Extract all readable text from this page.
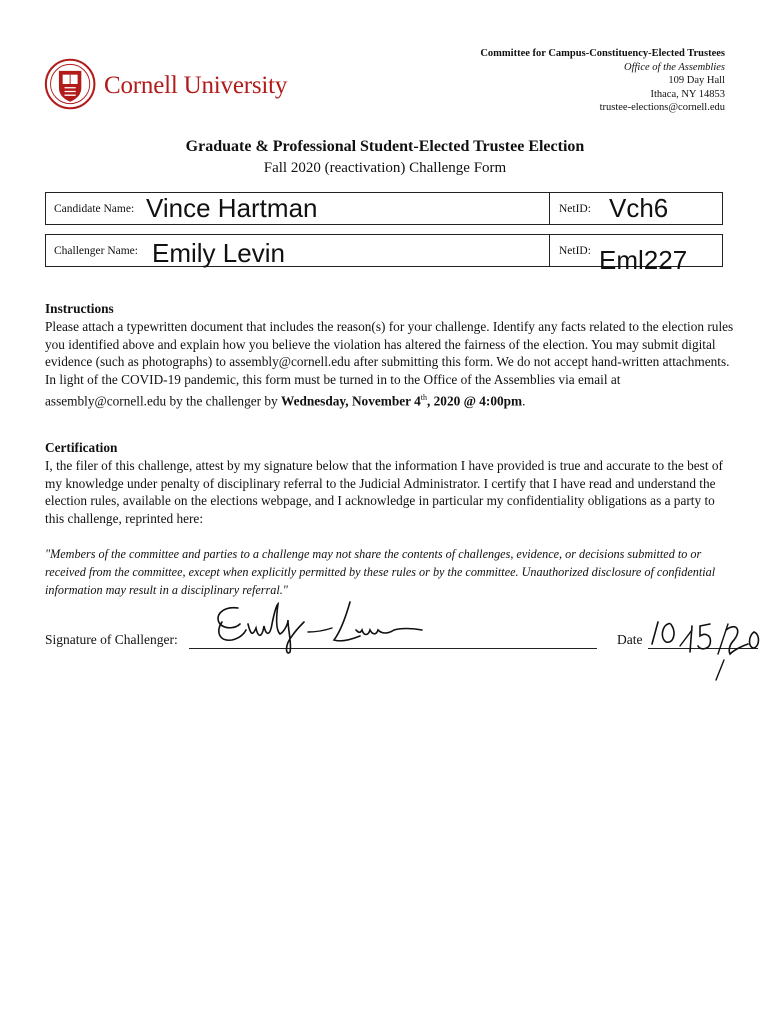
Cornell University
Committee for Campus-Constituency-Elected Trustees
Office of the Assemblies
109 Day Hall
Ithaca, NY 14853
trustee-elections@cornell.edu
Graduate & Professional Student-Elected Trustee Election
Fall 2020 (reactivation) Challenge Form
Candidate Name: Vince Hartman	NetID: Vch6
Challenger Name: Emily Levin	NetID: Eml227
Instructions
Please attach a typewritten document that includes the reason(s) for your challenge. Identify any facts related to the election rules you identified above and explain how you believe the violation has altered the fairness of the election. You may submit digital evidence (such as photographs) to assembly@cornell.edu after submitting this form. We do not accept hand-written attachments. In light of the COVID-19 pandemic, this form must be turned in to the Office of the Assemblies via email at assembly@cornell.edu by the challenger by Wednesday, November 4th, 2020 @ 4:00pm.
Certification
I, the filer of this challenge, attest by my signature below that the information I have provided is true and accurate to the best of my knowledge under penalty of disciplinary referral to the Judicial Administrator. I certify that I have read and understand the election rules, available on the elections webpage, and I acknowledge in particular my confidentiality obligations as a party to this challenge, reprinted here:
"Members of the committee and parties to a challenge may not share the contents of challenges, evidence, or decisions submitted to or received from the committee, except when explicitly permitted by these rules or by the committee. Unauthorized disclosure of confidential information may result in a disciplinary referral."
Signature of Challenger:	Date
